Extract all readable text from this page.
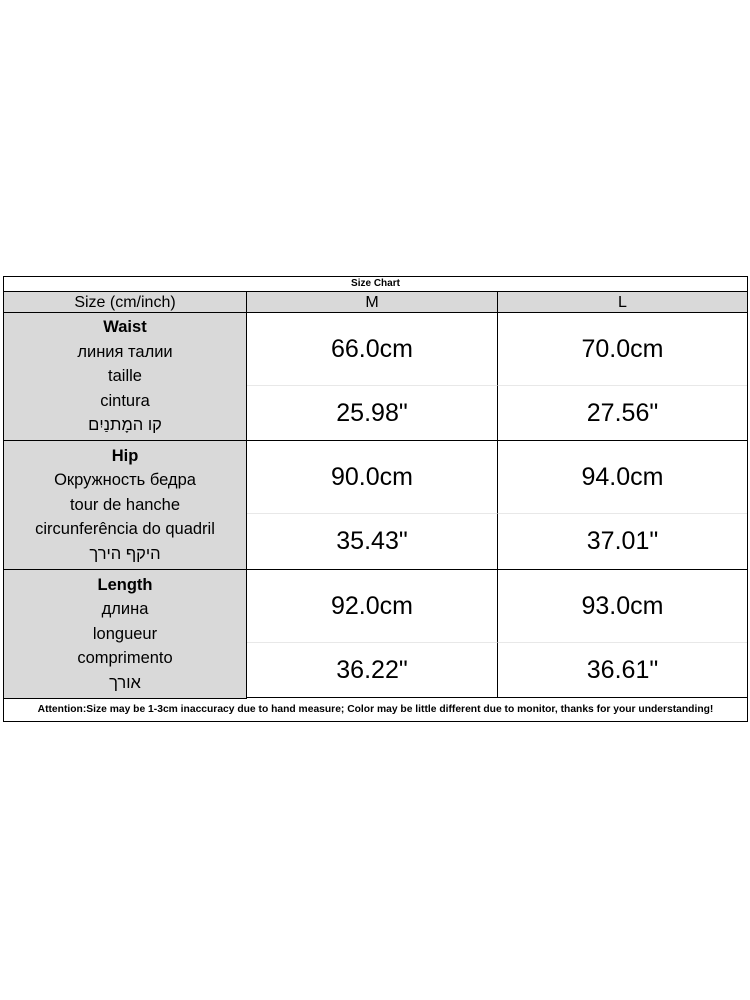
Size Chart
Size (cm/inch)	M	L
Waist
линия талии
taille
cintura
קו המָתנַיִם
66.0cm	70.0cm
25.98"	27.56"
Hip
Окружность бедра
tour de hanche
circunferência do quadril
היקף הירך
90.0cm	94.0cm
35.43"	37.01"
Length
длина
longueur
comprimento
אורך
92.0cm	93.0cm
36.22"	36.61"
Attention:Size may be 1-3cm inaccuracy due to hand measure; Color may be little different due to monitor, thanks for your understanding!
